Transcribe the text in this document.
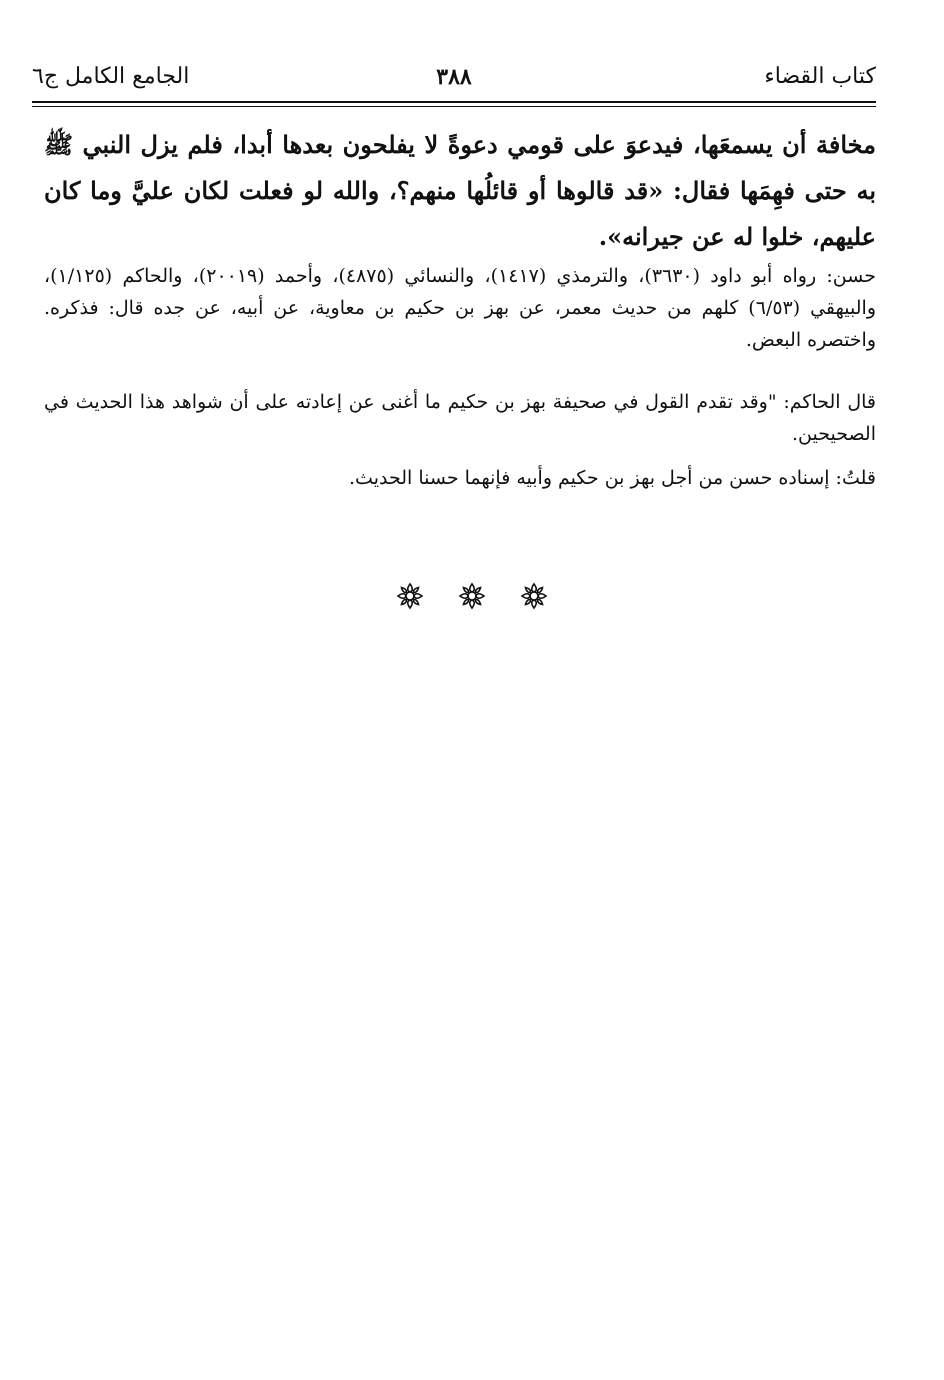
كتاب القضاء
٣٨٨
الجامع الكامل ج٦

مخافة أن يسمعَها، فيدعوَ على قومي دعوةً لا يفلحون بعدها أبدا، فلم يزل النبي ﷺ به حتى فهِمَها فقال: «قد قالوها أو قائلُها منهم؟، والله لو فعلت لكان عليَّ وما كان عليهم، خلوا له عن جيرانه».

حسن: رواه أبو داود (٣٦٣٠)، والترمذي (١٤١٧)، والنسائي (٤٨٧٥)، وأحمد (٢٠٠١٩)، والحاكم (١/١٢٥)، والبيهقي (٦/٥٣) كلهم من حديث معمر، عن بهز بن حكيم بن معاوية، عن أبيه، عن جده قال: فذكره. واختصره البعض.

قال الحاكم: "وقد تقدم القول في صحيفة بهز بن حكيم ما أغنى عن إعادته على أن شواهد هذا الحديث في الصحيحين.

قلتُ: إسناده حسن من أجل بهز بن حكيم وأبيه فإنهما حسنا الحديث.
